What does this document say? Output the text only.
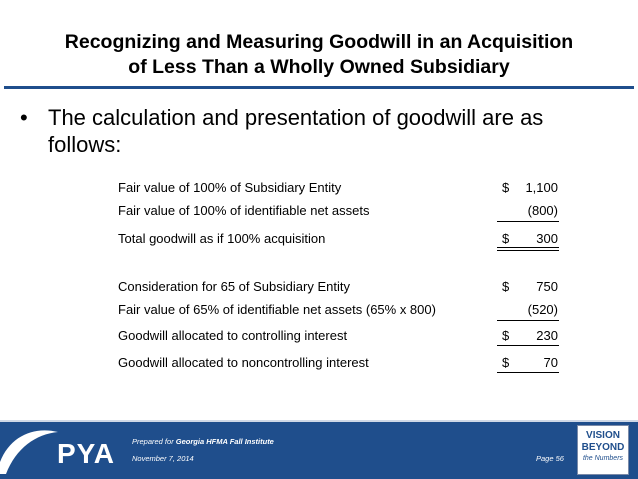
Recognizing and Measuring Goodwill in an Acquisition
of Less Than a Wholly Owned Subsidiary
• The calculation and presentation of goodwill are as
follows:
Fair value of 100% of Subsidiary Entity	$ 1,100
Fair value of 100% of identifiable net assets	(800)
Total goodwill as if 100% acquisition	$ 300
Consideration for 65 of Subsidiary Entity	$ 750
Fair value of 65% of identifiable net assets (65% x 800)	(520)
Goodwill allocated to controlling interest	$ 230
Goodwill allocated to noncontrolling interest	$	70
PYA Prepared for Georgia HFMA Fall Institute
November 7, 2014	Page 56
VISION
BEYOND
the Numbers
